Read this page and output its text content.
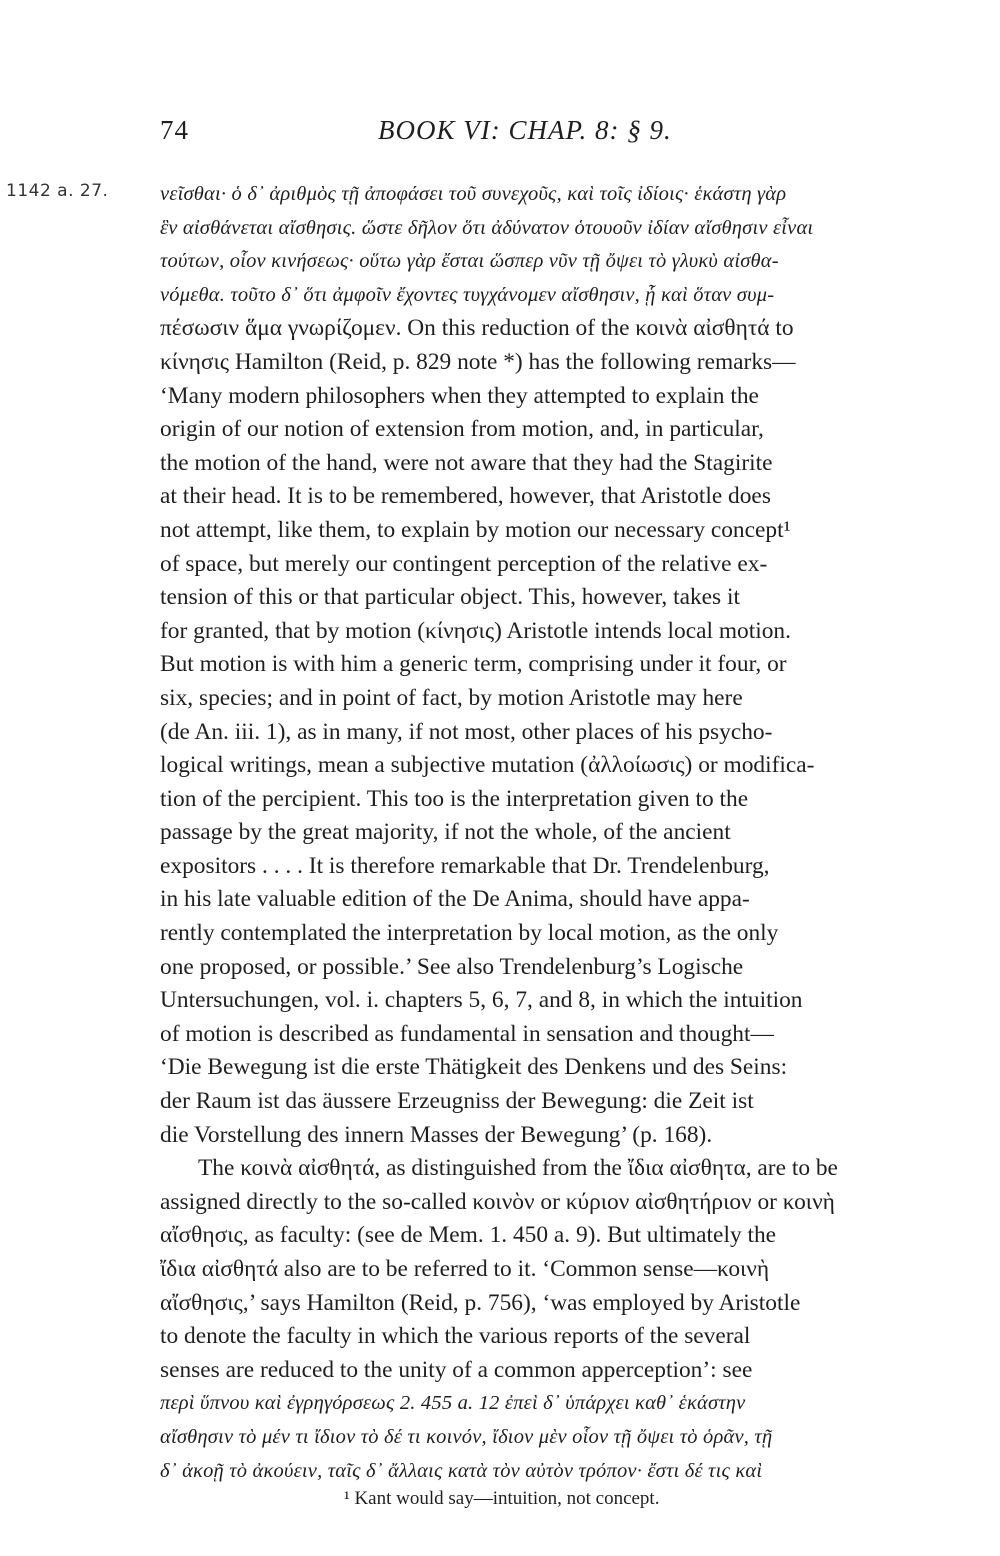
74	BOOK VI: CHAP. 8: § 9.
1142 a. 27.	νεῖσθαι· ὁ δ᾽ ἀριθμὸς τῇ ἀποφάσει τοῦ συνεχοῦς, καὶ τοῖς ἰδίοις· ἑκάστη γὰρ
ἓν αἰσθάνεται αἴσθησις. ὥστε δῆλον ὅτι ἀδύνατον ὁτουοῦν ἰδίαν αἴσθησιν εἶναι
τούτων, οἷον κινήσεως· οὕτω γὰρ ἔσται ὥσπερ νῦν τῇ ὄψει τὸ γλυκὺ αἰσθα-
νόμεθα. τοῦτο δ᾽ ὅτι ἀμφοῖν ἔχοντες τυγχάνομεν αἴσθησιν, ᾗ καὶ ὅταν συμ-
πέσωσιν ἅμα γνωρίζομεν. On this reduction of the κοινὰ αἰσθητά to
κίνησις Hamilton (Reid, p. 829 note *) has the following remarks—
‘Many modern philosophers when they attempted to explain the
origin of our notion of extension from motion, and, in particular,
the motion of the hand, were not aware that they had the Stagirite
at their head. It is to be remembered, however, that Aristotle does
not attempt, like them, to explain by motion our necessary concept¹
of space, but merely our contingent perception of the relative ex-
tension of this or that particular object. This, however, takes it
for granted, that by motion (κίνησις) Aristotle intends local motion.
But motion is with him a generic term, comprising under it four, or
six, species; and in point of fact, by motion Aristotle may here
(de An. iii. 1), as in many, if not most, other places of his psycho-
logical writings, mean a subjective mutation (ἀλλοίωσις) or modifica-
tion of the percipient. This too is the interpretation given to the
passage by the great majority, if not the whole, of the ancient
expositors . . . . It is therefore remarkable that Dr. Trendelenburg,
in his late valuable edition of the De Anima, should have appa-
rently contemplated the interpretation by local motion, as the only
one proposed, or possible.’ See also Trendelenburg’s Logische
Untersuchungen, vol. i. chapters 5, 6, 7, and 8, in which the intuition
of motion is described as fundamental in sensation and thought—
‘Die Bewegung ist die erste Thätigkeit des Denkens und des Seins:
der Raum ist das äussere Erzeugniss der Bewegung: die Zeit ist
die Vorstellung des innern Masses der Bewegung’ (p. 168).
The κοινὰ αἰσθητά, as distinguished from the ἴδια αἰσθητα, are to be
assigned directly to the so-called κοινὸν or κύριον αἰσθητήριον or κοινὴ
αἴσθησις, as faculty: (see de Mem. 1. 450 a. 9). But ultimately the
ἴδια αἰσθητά also are to be referred to it. ‘Common sense—κοινὴ
αἴσθησις,’ says Hamilton (Reid, p. 756), ‘was employed by Aristotle
to denote the faculty in which the various reports of the several
senses are reduced to the unity of a common apperception’: see
περὶ ὕπνου καὶ ἐγρηγόρσεως 2. 455 a. 12 ἐπεὶ δ᾽ ὑπάρχει καθ᾽ ἑκάστην
αἴσθησιν τὸ μέν τι ἴδιον τὸ δέ τι κοινόν, ἴδιον μὲν οἷον τῇ ὄψει τὸ ὁρᾶν, τῇ
δ᾽ ἀκοῇ τὸ ἀκούειν, ταῖς δ᾽ ἄλλαις κατὰ τὸν αὐτὸν τρόπον· ἔστι δέ τις καὶ
¹ Kant would say—intuition, not concept.
